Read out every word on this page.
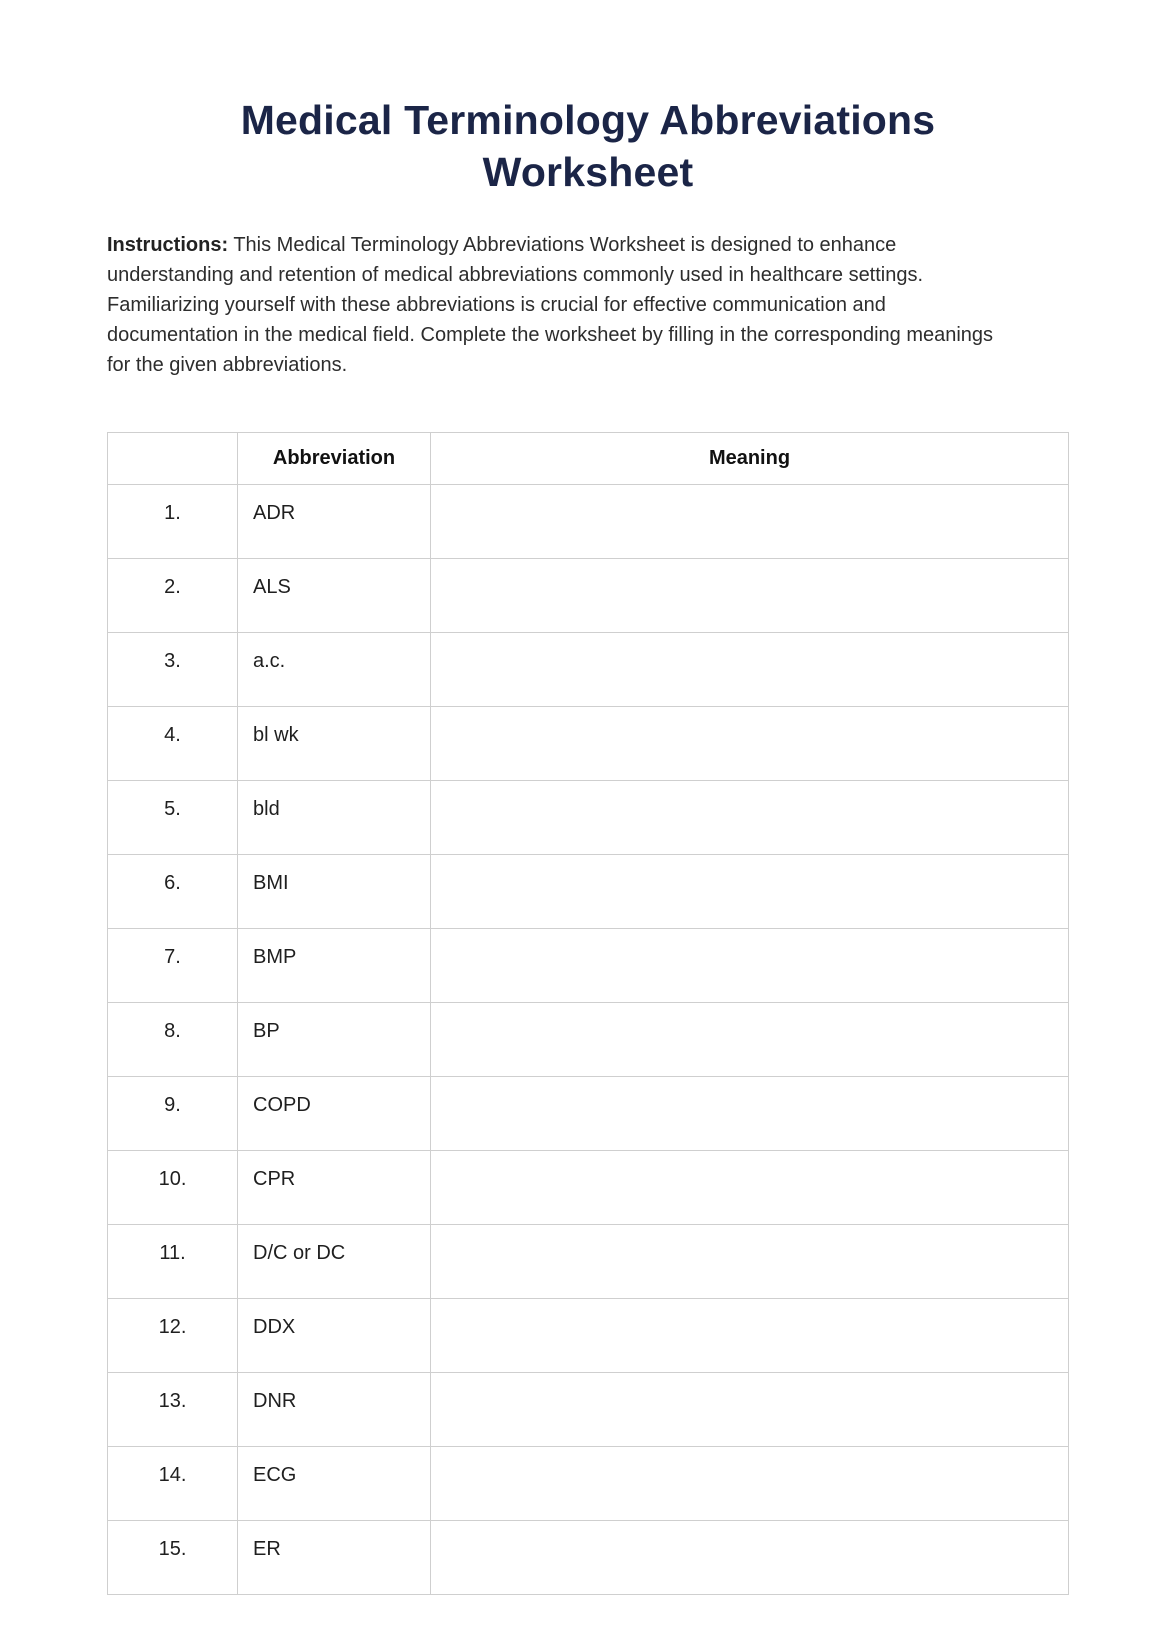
Medical Terminology Abbreviations Worksheet

Instructions: This Medical Terminology Abbreviations Worksheet is designed to enhance understanding and retention of medical abbreviations commonly used in healthcare settings. Familiarizing yourself with these abbreviations is crucial for effective communication and documentation in the medical field. Complete the worksheet by filling in the corresponding meanings for the given abbreviations.

	Abbreviation	Meaning
1.	ADR	
2.	ALS	
3.	a.c.	
4.	bl wk	
5.	bld	
6.	BMI	
7.	BMP	
8.	BP	
9.	COPD	
10.	CPR	
11.	D/C or DC	
12.	DDX	
13.	DNR	
14.	ECG	
15.	ER	
